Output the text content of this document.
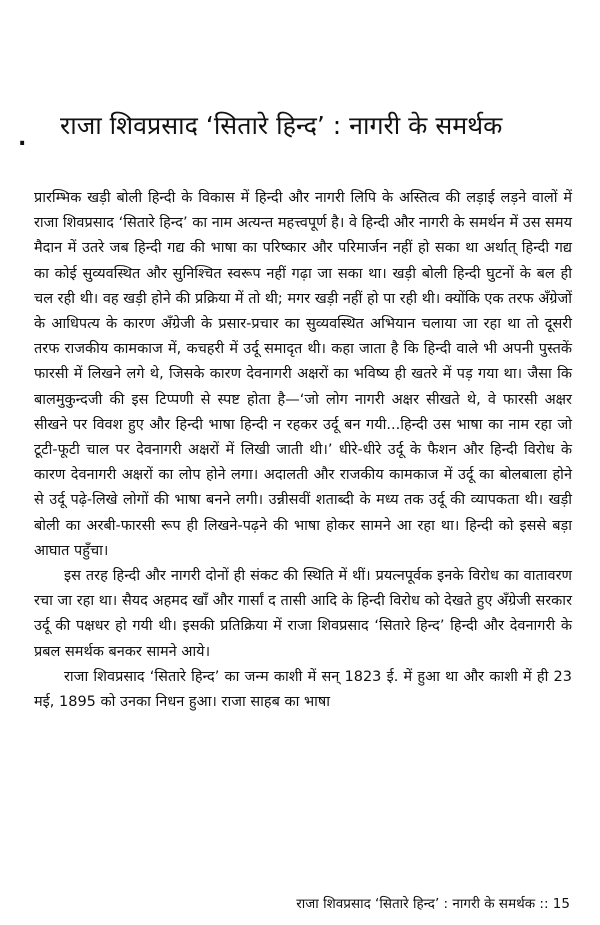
. राजा शिवप्रसाद ‘सितारे हिन्द’ : नागरी के समर्थक

प्रारम्भिक खड़ी बोली हिन्दी के विकास में हिन्दी और नागरी लिपि के अस्तित्व की लड़ाई लड़ने वालों में राजा शिवप्रसाद ‘सितारे हिन्द’ का नाम अत्यन्त महत्त्वपूर्ण है। वे हिन्दी और नागरी के समर्थन में उस समय मैदान में उतरे जब हिन्दी गद्य की भाषा का परिष्कार और परिमार्जन नहीं हो सका था अर्थात् हिन्दी गद्य का कोई सुव्यवस्थित और सुनिश्चित स्वरूप नहीं गढ़ा जा सका था। खड़ी बोली हिन्दी घुटनों के बल ही चल रही थी। वह खड़ी होने की प्रक्रिया में तो थी; मगर खड़ी नहीं हो पा रही थी। क्योंकि एक तरफ अँग्रेजों के आधिपत्य के कारण अँग्रेजी के प्रसार-प्रचार का सुव्यवस्थित अभियान चलाया जा रहा था तो दूसरी तरफ राजकीय कामकाज में, कचहरी में उर्दू समादृत थी। कहा जाता है कि हिन्दी वाले भी अपनी पुस्तकें फारसी में लिखने लगे थे, जिसके कारण देवनागरी अक्षरों का भविष्य ही खतरे में पड़ गया था। जैसा कि बालमुकुन्दजी की इस टिप्पणी से स्पष्ट होता है—‘जो लोग नागरी अक्षर सीखते थे, वे फारसी अक्षर सीखने पर विवश हुए और हिन्दी भाषा हिन्दी न रहकर उर्दू बन गयी...हिन्दी उस भाषा का नाम रहा जो टूटी-फूटी चाल पर देवनागरी अक्षरों में लिखी जाती थी।’ धीरे-धीरे उर्दू के फैशन और हिन्दी विरोध के कारण देवनागरी अक्षरों का लोप होने लगा। अदालती और राजकीय कामकाज में उर्दू का बोलबाला होने से उर्दू पढ़े-लिखे लोगों की भाषा बनने लगी। उन्नीसवीं शताब्दी के मध्य तक उर्दू की व्यापकता थी। खड़ी बोली का अरबी-फारसी रूप ही लिखने-पढ़ने की भाषा होकर सामने आ रहा था। हिन्दी को इससे बड़ा आघात पहुँचा।

इस तरह हिन्दी और नागरी दोनों ही संकट की स्थिति में थीं। प्रयत्नपूर्वक इनके विरोध का वातावरण रचा जा रहा था। सैयद अहमद खाँ और गार्सां द तासी आदि के हिन्दी विरोध को देखते हुए अँग्रेजी सरकार उर्दू की पक्षधर हो गयी थी। इसकी प्रतिक्रिया में राजा शिवप्रसाद ‘सितारे हिन्द’ हिन्दी और देवनागरी के प्रबल समर्थक बनकर सामने आये।

राजा शिवप्रसाद ‘सितारे हिन्द’ का जन्म काशी में सन् 1823 ई. में हुआ था और काशी में ही 23 मई, 1895 को उनका निधन हुआ। राजा साहब का भाषा

राजा शिवप्रसाद ‘सितारे हिन्द’ : नागरी के समर्थक :: 15
